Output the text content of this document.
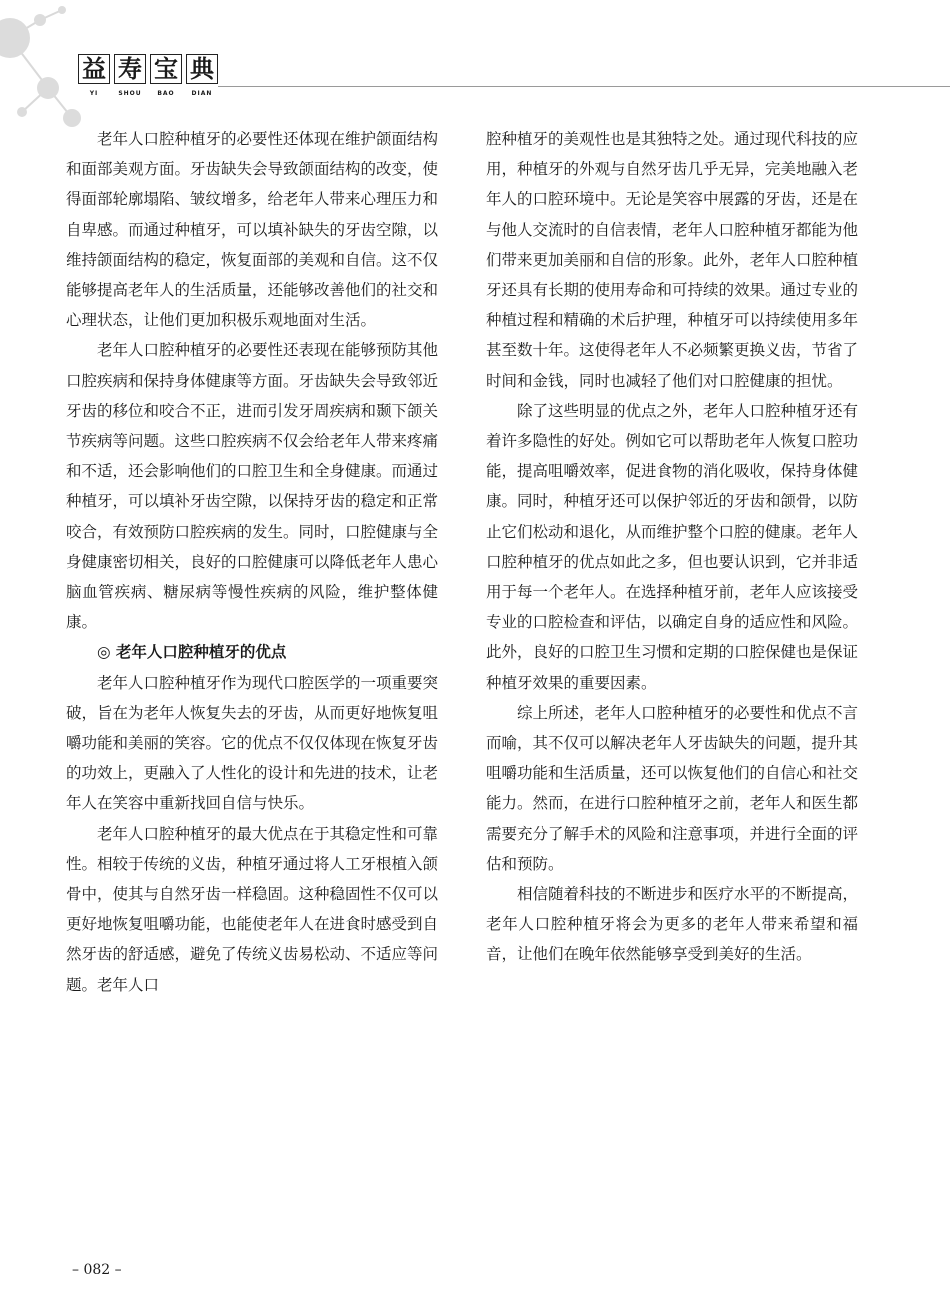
益 寿 宝 典
YI	SHOU	BAO	DIAN

老年人口腔种植牙的必要性还体现在维护颌面结构和面部美观方面。牙齿缺失会导致颌面结构的改变，使得面部轮廓塌陷、皱纹增多，给老年人带来心理压力和自卑感。而通过种植牙，可以填补缺失的牙齿空隙，以维持颌面结构的稳定，恢复面部的美观和自信。这不仅能够提高老年人的生活质量，还能够改善他们的社交和心理状态，让他们更加积极乐观地面对生活。

老年人口腔种植牙的必要性还表现在能够预防其他口腔疾病和保持身体健康等方面。牙齿缺失会导致邻近牙齿的移位和咬合不正，进而引发牙周疾病和颞下颌关节疾病等问题。这些口腔疾病不仅会给老年人带来疼痛和不适，还会影响他们的口腔卫生和全身健康。而通过种植牙，可以填补牙齿空隙，以保持牙齿的稳定和正常咬合，有效预防口腔疾病的发生。同时，口腔健康与全身健康密切相关，良好的口腔健康可以降低老年人患心脑血管疾病、糖尿病等慢性疾病的风险，维护整体健康。

◎ 老年人口腔种植牙的优点

老年人口腔种植牙作为现代口腔医学的一项重要突破，旨在为老年人恢复失去的牙齿，从而更好地恢复咀嚼功能和美丽的笑容。它的优点不仅仅体现在恢复牙齿的功效上，更融入了人性化的设计和先进的技术，让老年人在笑容中重新找回自信与快乐。

老年人口腔种植牙的最大优点在于其稳定性和可靠性。相较于传统的义齿，种植牙通过将人工牙根植入颌骨中，使其与自然牙齿一样稳固。这种稳固性不仅可以更好地恢复咀嚼功能，也能使老年人在进食时感受到自然牙齿的舒适感，避免了传统义齿易松动、不适应等问题。老年人口

腔种植牙的美观性也是其独特之处。通过现代科技的应用，种植牙的外观与自然牙齿几乎无异，完美地融入老年人的口腔环境中。无论是笑容中展露的牙齿，还是在与他人交流时的自信表情，老年人口腔种植牙都能为他们带来更加美丽和自信的形象。此外，老年人口腔种植牙还具有长期的使用寿命和可持续的效果。通过专业的种植过程和精确的术后护理，种植牙可以持续使用多年甚至数十年。这使得老年人不必频繁更换义齿，节省了时间和金钱，同时也减轻了他们对口腔健康的担忧。

除了这些明显的优点之外，老年人口腔种植牙还有着许多隐性的好处。例如它可以帮助老年人恢复口腔功能，提高咀嚼效率，促进食物的消化吸收，保持身体健康。同时，种植牙还可以保护邻近的牙齿和颌骨，以防止它们松动和退化，从而维护整个口腔的健康。老年人口腔种植牙的优点如此之多，但也要认识到，它并非适用于每一个老年人。在选择种植牙前，老年人应该接受专业的口腔检查和评估，以确定自身的适应性和风险。此外，良好的口腔卫生习惯和定期的口腔保健也是保证种植牙效果的重要因素。

综上所述，老年人口腔种植牙的必要性和优点不言而喻，其不仅可以解决老年人牙齿缺失的问题，提升其咀嚼功能和生活质量，还可以恢复他们的自信心和社交能力。然而，在进行口腔种植牙之前，老年人和医生都需要充分了解手术的风险和注意事项，并进行全面的评估和预防。

相信随着科技的不断进步和医疗水平的不断提高，老年人口腔种植牙将会为更多的老年人带来希望和福音，让他们在晚年依然能够享受到美好的生活。

– 082 –
